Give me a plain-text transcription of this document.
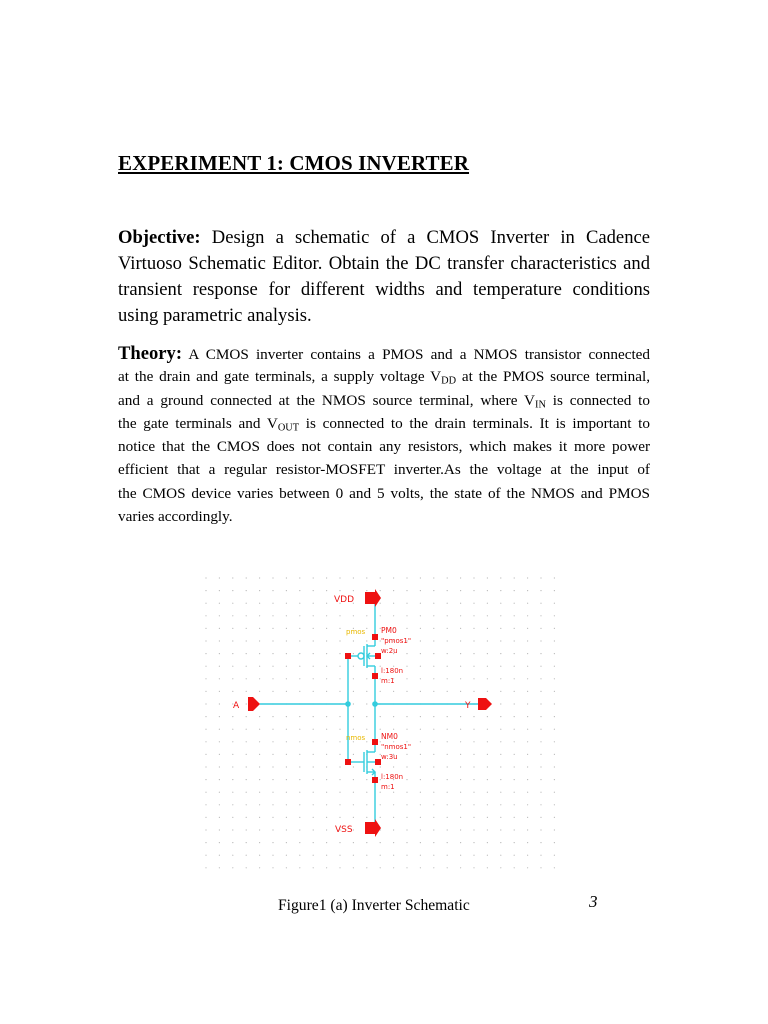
EXPERIMENT 1: CMOS INVERTER
Objective: Design a schematic of a CMOS Inverter in Cadence
Virtuoso Schematic Editor. Obtain the DC transfer characteristics and
transient response for different widths and temperature conditions
using parametric analysis.
Theory: A CMOS inverter contains a PMOS and a NMOS transistor connected
at the drain and gate terminals, a supply voltage $V_{DD}$ at the PMOS source terminal,
and a ground connected at the NMOS source terminal, where $V_{IN}$ is connected to
the gate terminals and $V_{OUT}$ is connected to the drain terminals. It is important to
notice that the CMOS does not contain any resistors, which makes it more power
efficient that a regular resistor-MOSFET inverter.As the voltage at the input of
the CMOS device varies between 0 and 5 volts, the state of the NMOS and PMOS
varies accordingly.
VDD
VSS
A	Y
pmos PM0
"pmos1"
w:2u
l:180n
m:1
nmos NM0
"nmos1"
w:3u
l:180n
m:1
Figure1 (a) Inverter Schematic	3
